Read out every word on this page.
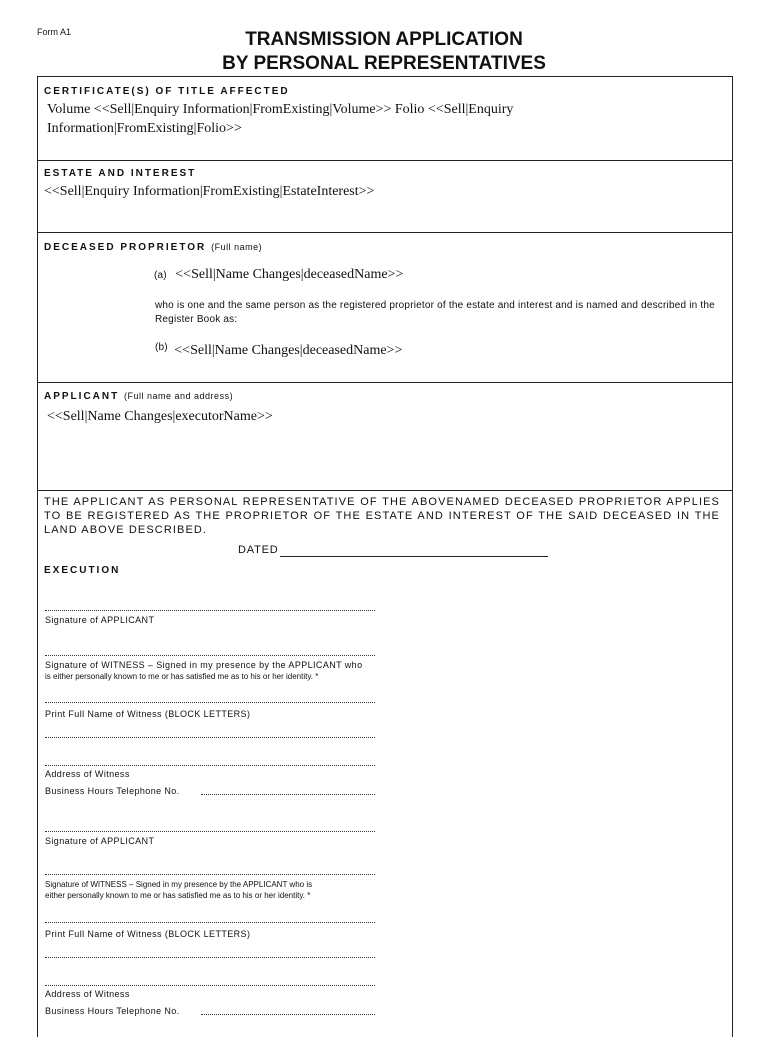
Form A1	TRANSMISSION APPLICATION
BY PERSONAL REPRESENTATIVES
CERTIFICATE(S) OF TITLE AFFECTED
Volume <<Sell|Enquiry Information|FromExisting|Volume>> Folio <<Sell|Enquiry
Information|FromExisting|Folio>>
ESTATE AND INTEREST
<<Sell|Enquiry Information|FromExisting|EstateInterest>>
DECEASED PROPRIETOR (Full name)
(a) <<Sell|Name Changes|deceasedName>>
who is one and the same person as the registered proprietor of the estate and interest and is named and described in the Register Book as:
$^{(b)}$ <<Sell|Name Changes|deceasedName>>
APPLICANT (Full name and address)
<<Sell|Name Changes|executorName>>
THE APPLICANT AS PERSONAL REPRESENTATIVE OF THE ABOVENAMED DECEASED PROPRIETOR APPLIES TO BE REGISTERED AS THE PROPRIETOR OF THE ESTATE AND INTEREST OF THE SAID DECEASED IN THE LAND ABOVE DESCRIBED.
DATED
EXECUTION
Signature of APPLICANT
Signature of WITNESS – Signed in my presence by the APPLICANT who
is either personally known to me or has satisfied me as to his or her identity. *
Print Full Name of Witness (BLOCK LETTERS)
Address of Witness
Business Hours Telephone No.
Signature of APPLICANT
Signature of WITNESS – Signed in my presence by the APPLICANT who is
either personally known to me or has satisfied me as to his or her identity. *
Print Full Name of Witness (BLOCK LETTERS)
Address of Witness
Business Hours Telephone No.
